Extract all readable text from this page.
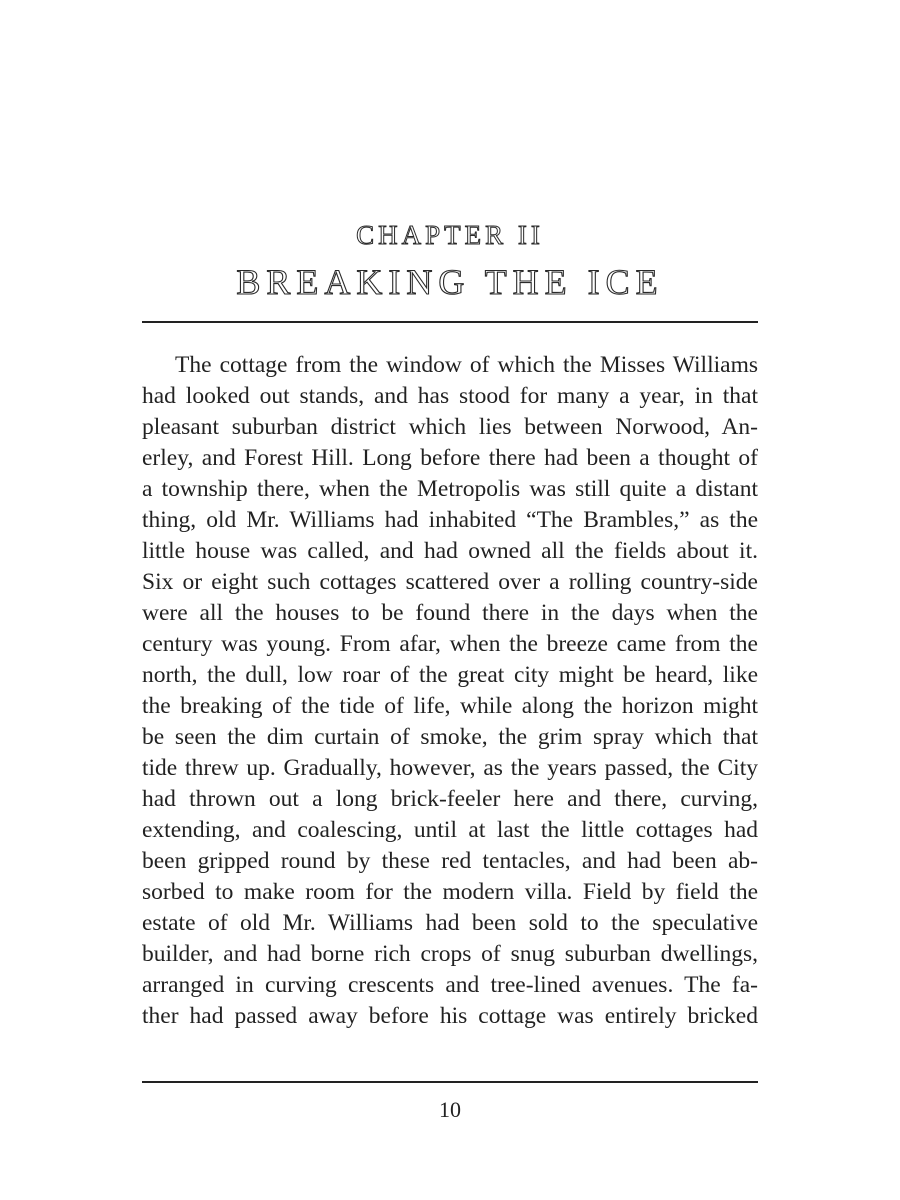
CHAPTER II
BREAKING THE ICE
The cottage from the window of which the Misses Williams
had looked out stands, and has stood for many a year, in that
pleasant suburban district which lies between Norwood, An-
erley, and Forest Hill. Long before there had been a thought of
a township there, when the Metropolis was still quite a distant
thing, old Mr. Williams had inhabited “The Brambles,” as the
little house was called, and had owned all the fields about it.
Six or eight such cottages scattered over a rolling country-side
were all the houses to be found there in the days when the
century was young. From afar, when the breeze came from the
north, the dull, low roar of the great city might be heard, like
the breaking of the tide of life, while along the horizon might
be seen the dim curtain of smoke, the grim spray which that
tide threw up. Gradually, however, as the years passed, the City
had thrown out a long brick-feeler here and there, curving,
extending, and coalescing, until at last the little cottages had
been gripped round by these red tentacles, and had been ab-
sorbed to make room for the modern villa. Field by field the
estate of old Mr. Williams had been sold to the speculative
builder, and had borne rich crops of snug suburban dwellings,
arranged in curving crescents and tree-lined avenues. The fa-
ther had passed away before his cottage was entirely bricked
10
